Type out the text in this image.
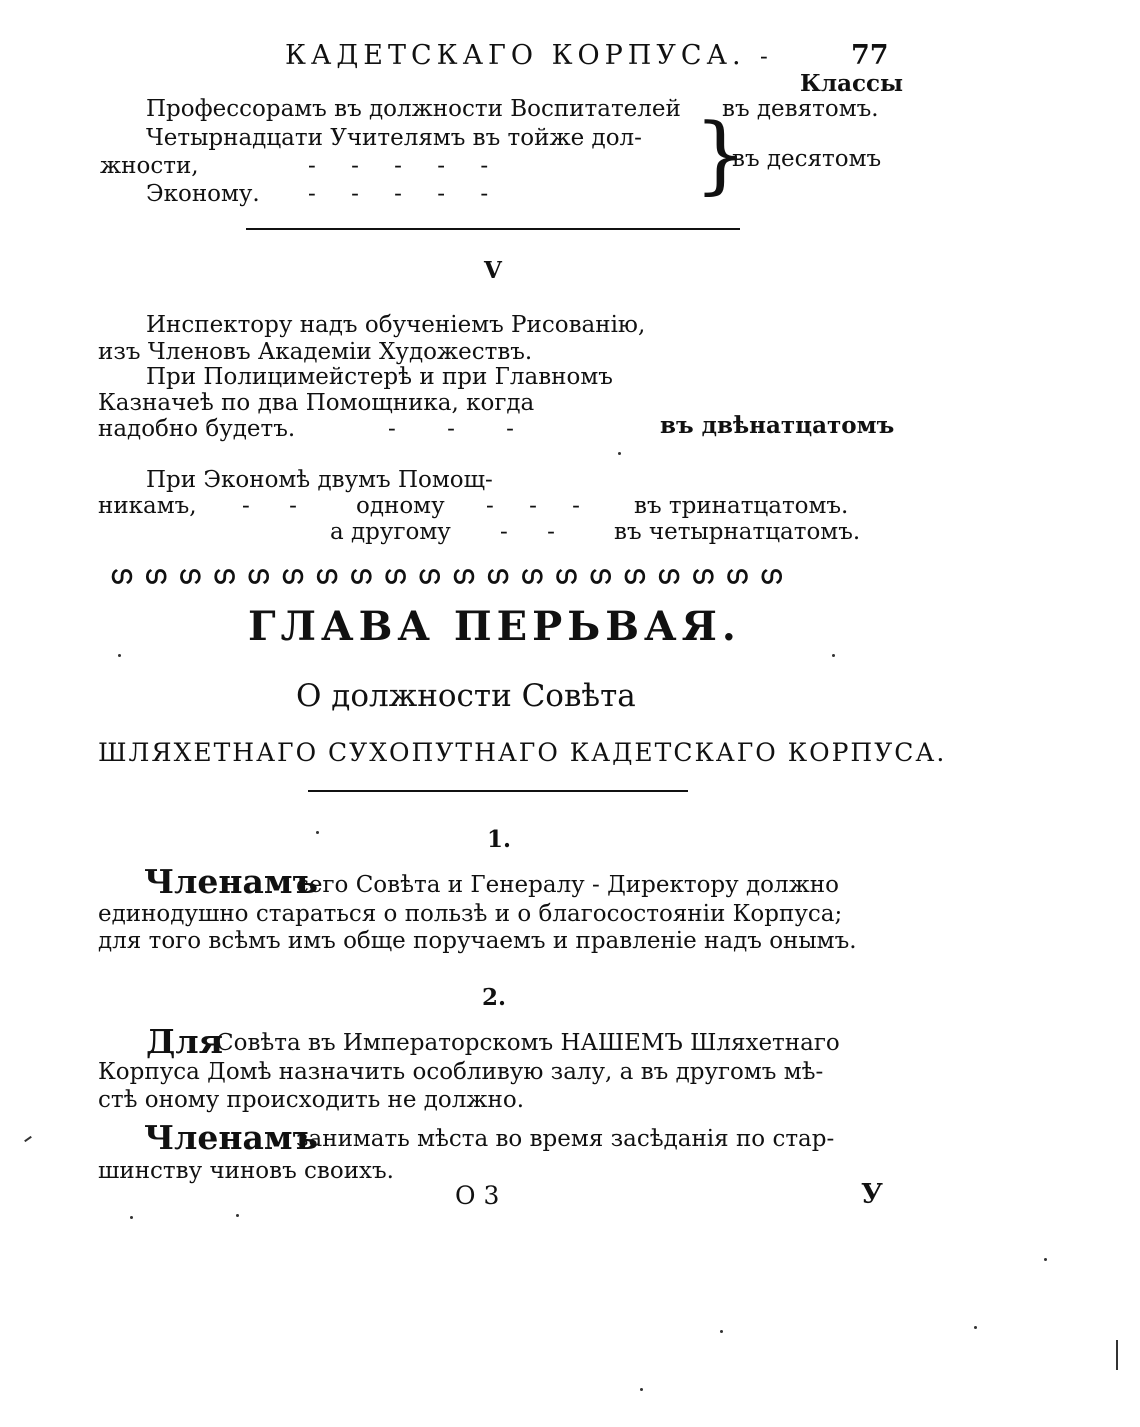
КАДЕТСКАГО КОРПУСА. -	77
Классы
Профессорамъ въ должности Воспитателей въ девятомъ.
Четырнадцати Учителямъ въ тойже дол-
жности,	- - - - -
Эконому. - - - - - }
въ десятомъ
V
Инспектору надъ обученіемъ Рисованію,
изъ Членовъ Академіи Художествъ.
При Полицимейстерѣ и при Главномъ
Казначеѣ по два Помощника, когда
надобно будетъ.	- - -	въ двѣнатцатомъ
При Экономѣ двумъ Помощ-
никамъ, - - одному - - - въ тринатцатомъ.
а другому - - въ четырнатцатомъ.
ഗ ഗ ഗ ഗ ഗ ഗ ഗ ഗ ഗ ഗ ഗ ഗ ഗ ഗ ഗ ഗ ഗ ഗ ഗ ഗ
ГЛАВА ПЕРЬВАЯ.
О должности Совѣта
ШЛЯХЕТНАГО СУХОПУТНАГО КАДЕТСКАГО КОРПУСА.
1.
Членамъ
сего Совѣта и Генералу - Директору должно
единодушно стараться о пользѣ и о благосостояніи Корпуса;
для того всѣмъ имъ обще поручаемъ и правленіе надъ онымъ.
2.
Для
Совѣта въ Императорскомъ НАШЕМЪ Шляхетнаго
Корпуса Домѣ назначить особливую залу, а въ другомъ мѣ-
стѣ оному происходить не должно.
Членамъ
занимать мѣста во время засѣданія по стар-
шинству чиновъ своихъ.
О 3	У
